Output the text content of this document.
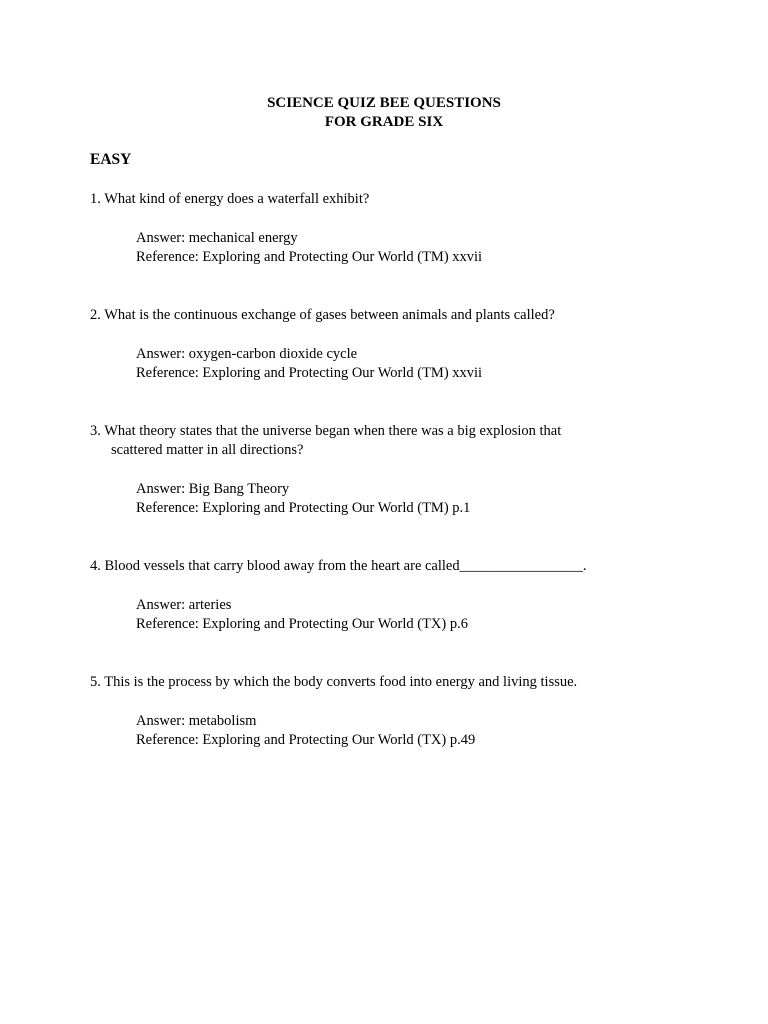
SCIENCE QUIZ BEE QUESTIONS
FOR GRADE SIX
EASY
1. What kind of energy does a waterfall exhibit?
Answer: mechanical energy
Reference: Exploring and Protecting Our World (TM) xxvii
2. What is the continuous exchange of gases between animals and plants called?
Answer: oxygen-carbon dioxide cycle
Reference: Exploring and Protecting Our World (TM) xxvii
3. What theory states that the universe began when there was a big explosion that
scattered matter in all directions?
Answer: Big Bang Theory
Reference: Exploring and Protecting Our World (TM) p.1
4. Blood vessels that carry blood away from the heart are called_________________.
Answer: arteries
Reference: Exploring and Protecting Our World (TX) p.6
5. This is the process by which the body converts food into energy and living tissue.
Answer: metabolism
Reference: Exploring and Protecting Our World (TX) p.49
